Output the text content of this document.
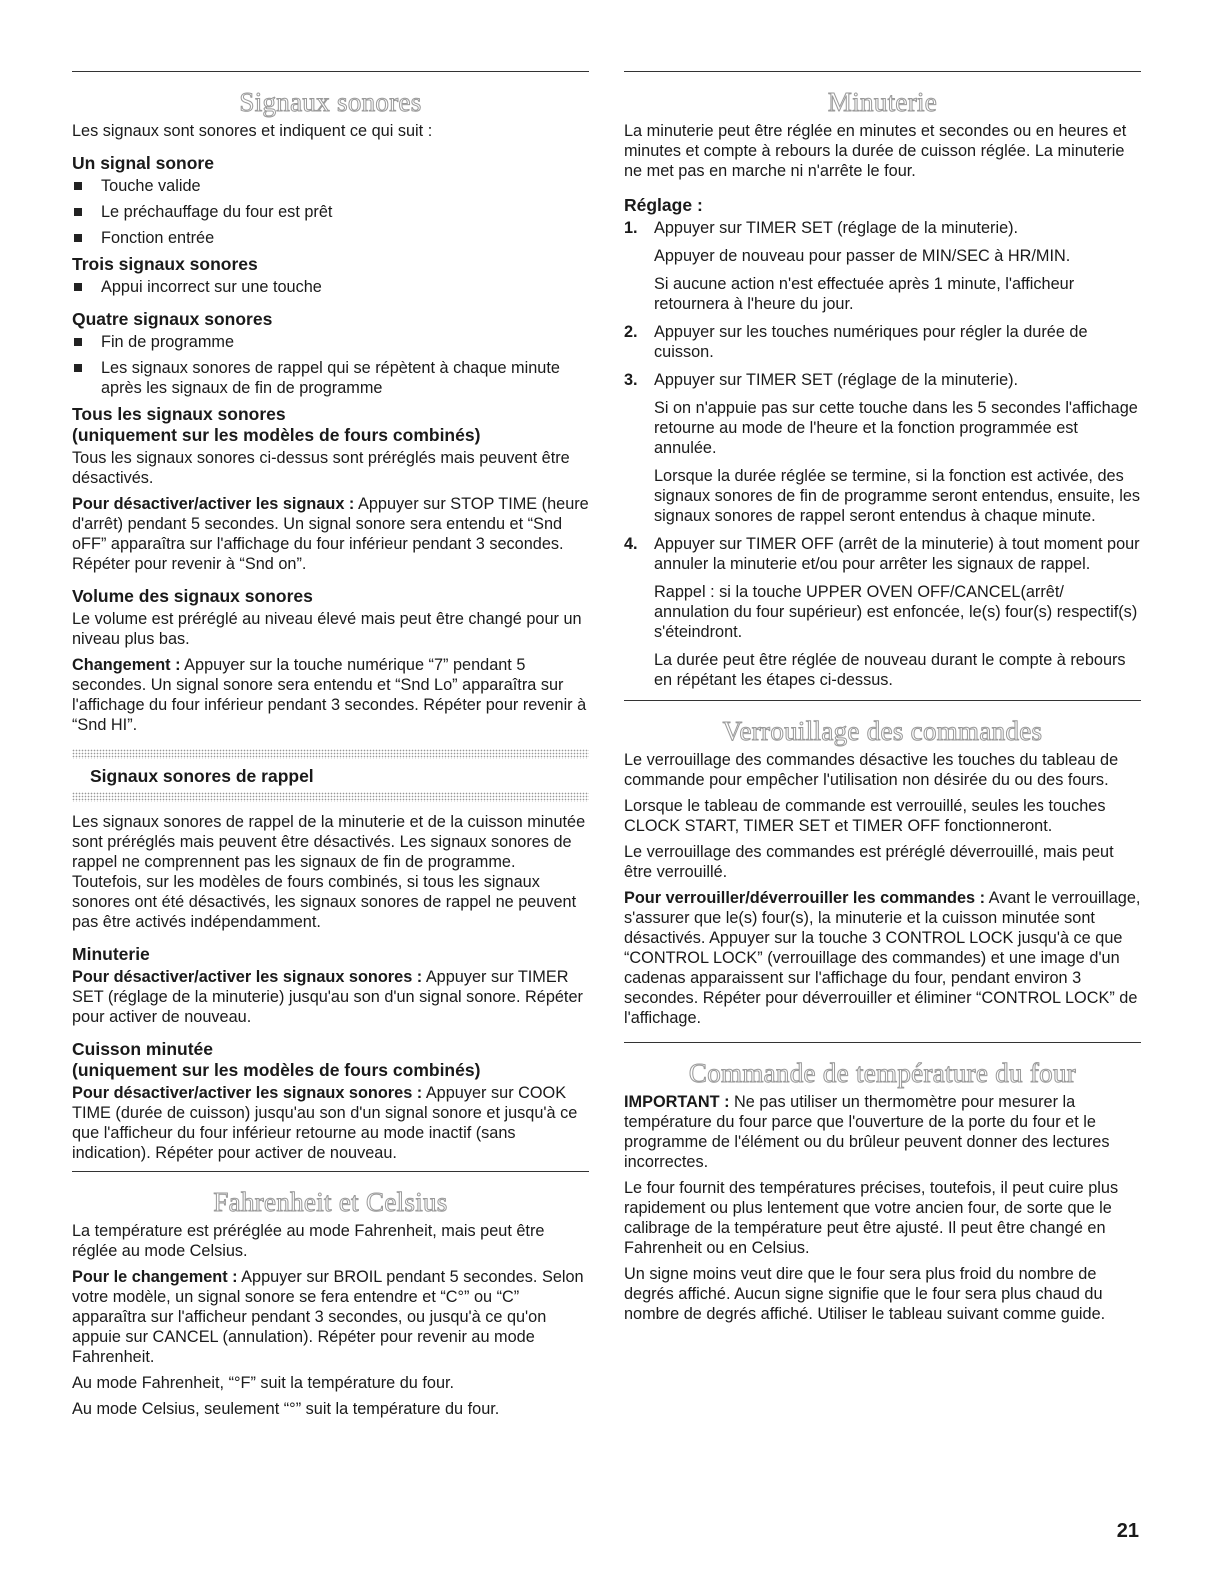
Signaux sonores

Les signaux sont sonores et indiquent ce qui suit :

Un signal sonore
Touche valide
Le préchauffage du four est prêt
Fonction entrée
Trois signaux sonores
Appui incorrect sur une touche
Quatre signaux sonores
Fin de programme
Les signaux sonores de rappel qui se répètent à chaque minute après les signaux de fin de programme
Tous les signaux sonores
(uniquement sur les modèles de fours combinés)

Tous les signaux sonores ci-dessus sont préréglés mais peuvent être désactivés.

Pour désactiver/activer les signaux : Appuyer sur STOP TIME (heure d'arrêt) pendant 5 secondes. Un signal sonore sera entendu et “Snd oFF” apparaîtra sur l'affichage du four inférieur pendant 3 secondes. Répéter pour revenir à “Snd on”.

Volume des signaux sonores

Le volume est préréglé au niveau élevé mais peut être changé pour un niveau plus bas.

Changement : Appuyer sur la touche numérique “7” pendant 5 secondes. Un signal sonore sera entendu et “Snd Lo” apparaîtra sur l'affichage du four inférieur pendant 3 secondes. Répéter pour revenir à “Snd HI”.

Signaux sonores de rappel

Les signaux sonores de rappel de la minuterie et de la cuisson minutée sont préréglés mais peuvent être désactivés. Les signaux sonores de rappel ne comprennent pas les signaux de fin de programme. Toutefois, sur les modèles de fours combinés, si tous les signaux sonores ont été désactivés, les signaux sonores de rappel ne peuvent pas être activés indépendamment.

Minuterie

Pour désactiver/activer les signaux sonores : Appuyer sur TIMER SET (réglage de la minuterie) jusqu'au son d'un signal sonore. Répéter pour activer de nouveau.

Cuisson minutée
(uniquement sur les modèles de fours combinés)

Pour désactiver/activer les signaux sonores : Appuyer sur COOK TIME (durée de cuisson) jusqu'au son d'un signal sonore et jusqu'à ce que l'afficheur du four inférieur retourne au mode inactif (sans indication). Répéter pour activer de nouveau.

Fahrenheit et Celsius

La température est préréglée au mode Fahrenheit, mais peut être réglée au mode Celsius.

Pour le changement : Appuyer sur BROIL pendant 5 secondes. Selon votre modèle, un signal sonore se fera entendre et “C°” ou “C” apparaîtra sur l'afficheur pendant 3 secondes, ou jusqu'à ce qu'on appuie sur CANCEL (annulation). Répéter pour revenir au mode Fahrenheit.

Au mode Fahrenheit, “°F” suit la température du four.

Au mode Celsius, seulement “°” suit la température du four.

Minuterie

La minuterie peut être réglée en minutes et secondes ou en heures et minutes et compte à rebours la durée de cuisson réglée. La minuterie ne met pas en marche ni n'arrête le four.

Réglage :
1. Appuyer sur TIMER SET (réglage de la minuterie).

Appuyer de nouveau pour passer de MIN/SEC à HR/MIN.

Si aucune action n'est effectuée après 1 minute, l'afficheur retournera à l'heure du jour.

2. Appuyer sur les touches numériques pour régler la durée de cuisson.

3. Appuyer sur TIMER SET (réglage de la minuterie).

Si on n'appuie pas sur cette touche dans les 5 secondes l'affichage retourne au mode de l'heure et la fonction programmée est annulée.

Lorsque la durée réglée se termine, si la fonction est activée, des signaux sonores de fin de programme seront entendus, ensuite, les signaux sonores de rappel seront entendus à chaque minute.

4. Appuyer sur TIMER OFF (arrêt de la minuterie) à tout moment pour annuler la minuterie et/ou pour arrêter les signaux de rappel.

Rappel : si la touche UPPER OVEN OFF/CANCEL(arrêt/ annulation du four supérieur) est enfoncée, le(s) four(s) respectif(s) s'éteindront.

La durée peut être réglée de nouveau durant le compte à rebours en répétant les étapes ci-dessus.

Verrouillage des commandes

Le verrouillage des commandes désactive les touches du tableau de commande pour empêcher l'utilisation non désirée du ou des fours.

Lorsque le tableau de commande est verrouillé, seules les touches CLOCK START, TIMER SET et TIMER OFF fonctionneront.

Le verrouillage des commandes est préréglé déverrouillé, mais peut être verrouillé.

Pour verrouiller/déverrouiller les commandes : Avant le verrouillage, s'assurer que le(s) four(s), la minuterie et la cuisson minutée sont désactivés. Appuyer sur la touche 3 CONTROL LOCK jusqu'à ce que “CONTROL LOCK” (verrouillage des commandes) et une image d'un cadenas apparaissent sur l'affichage du four, pendant environ 3 secondes. Répéter pour déverrouiller et éliminer “CONTROL LOCK” de l'affichage.

Commande de température du four

IMPORTANT : Ne pas utiliser un thermomètre pour mesurer la température du four parce que l'ouverture de la porte du four et le programme de l'élément ou du brûleur peuvent donner des lectures incorrectes.

Le four fournit des températures précises, toutefois, il peut cuire plus rapidement ou plus lentement que votre ancien four, de sorte que le calibrage de la température peut être ajusté. Il peut être changé en Fahrenheit ou en Celsius.

Un signe moins veut dire que le four sera plus froid du nombre de degrés affiché. Aucun signe signifie que le four sera plus chaud du nombre de degrés affiché. Utiliser le tableau suivant comme guide.

21
